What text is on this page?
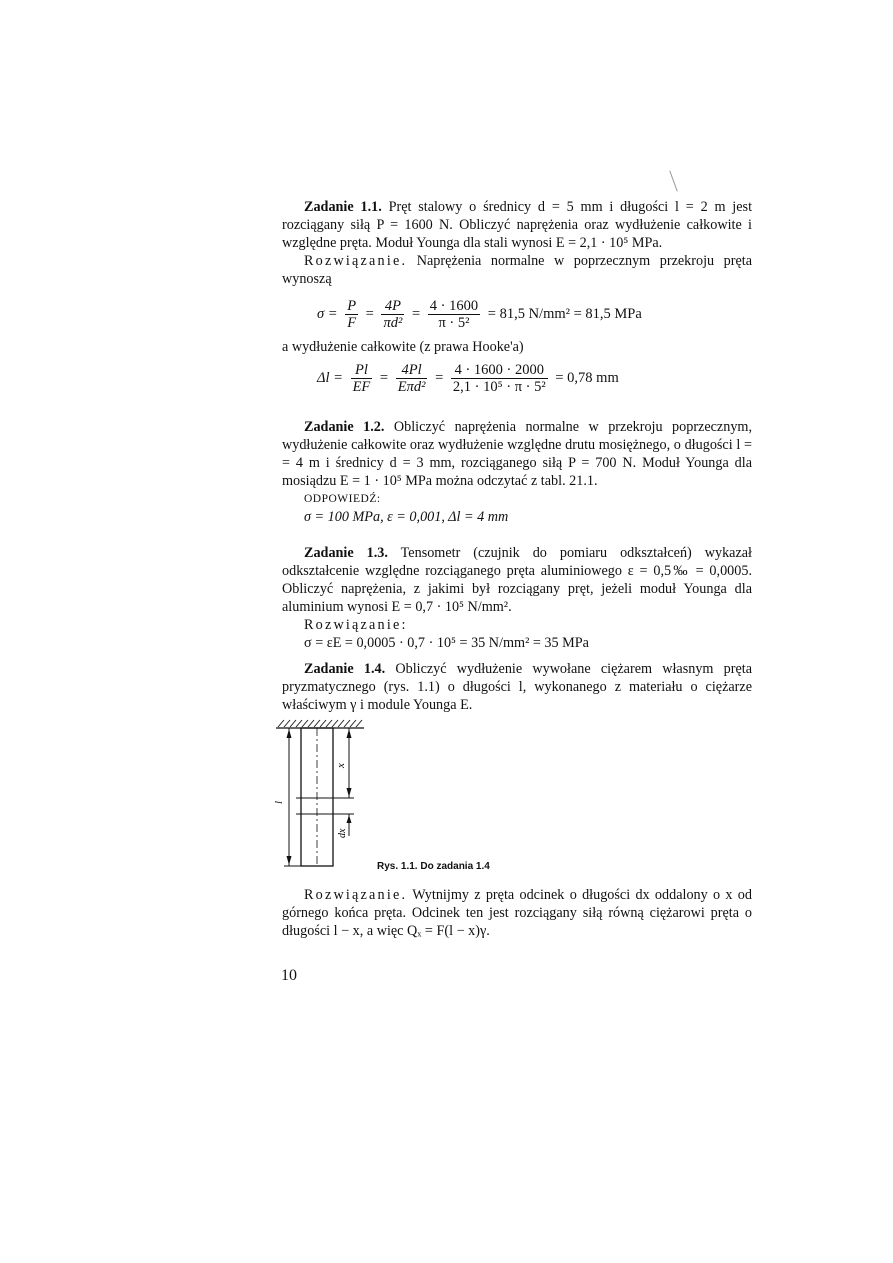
Zadanie 1.1. Pręt stalowy o średnicy d = 5 mm i długości l = 2 m jest rozciągany siłą P = 1600 N. Obliczyć naprężenia oraz wydłużenie całkowite i względne pręta. Moduł Younga dla stali wynosi E = 2,1 · 10⁵ MPa.

Rozwiązanie. Naprężenia normalne w poprzecznym przekroju pręta wynoszą

$\sigma = \frac{P}{F} = \frac{4P}{\text{πd²}} = \frac{4 \cdot 1600}{\text{π · 5²}} = 81,5$ N/mm² = 81,5 MPa

a wydłużenie całkowite (z prawa Hooke'a)

$\Delta l = \frac{Pl}{EF} = \frac{4Pl}{\text{Eπd²}} = \frac{4 \cdot 1600 \cdot 2000}{\text{2,1 · 10⁵ · π · 5²}} = 0,78$ mm

Zadanie 1.2. Obliczyć naprężenia normalne w przekroju poprzecznym, wydłużenie całkowite oraz wydłużenie względne drutu mosiężnego, o długości l = = 4 m i średnicy d = 3 mm, rozciąganego siłą P = 700 N. Moduł Younga dla mosiądzu E = 1 · 10⁵ MPa można odczytać z tabl. 21.1.

ODPOWIEDŹ:

σ = 100 MPa, ε = 0,001, Δl = 4 mm

Zadanie 1.3. Tensometr (czujnik do pomiaru odkształceń) wykazał odkształcenie względne rozciąganego pręta aluminiowego ε = 0,5‰ = 0,0005. Obliczyć naprężenia, z jakimi był rozciągany pręt, jeżeli moduł Younga dla aluminium wynosi E = 0,7 · 10⁵ N/mm².

Rozwiązanie:

σ = εE = 0,0005 · 0,7 · 10⁵ = 35 N/mm² = 35 MPa

Zadanie 1.4. Obliczyć wydłużenie wywołane ciężarem własnym pręta pryzmatycznego (rys. 1.1) o długości l, wykonanego z materiału o ciężarze właściwym γ i module Younga E.

l
x
dx
Rys. 1.1. Do zadania 1.4

Rozwiązanie. Wytnijmy z pręta odcinek o długości dx oddalony o x od górnego końca pręta. Odcinek ten jest rozciągany siłą równą ciężarowi pręta o długości l − x, a więc Qₓ = F(l − x)γ.

10
